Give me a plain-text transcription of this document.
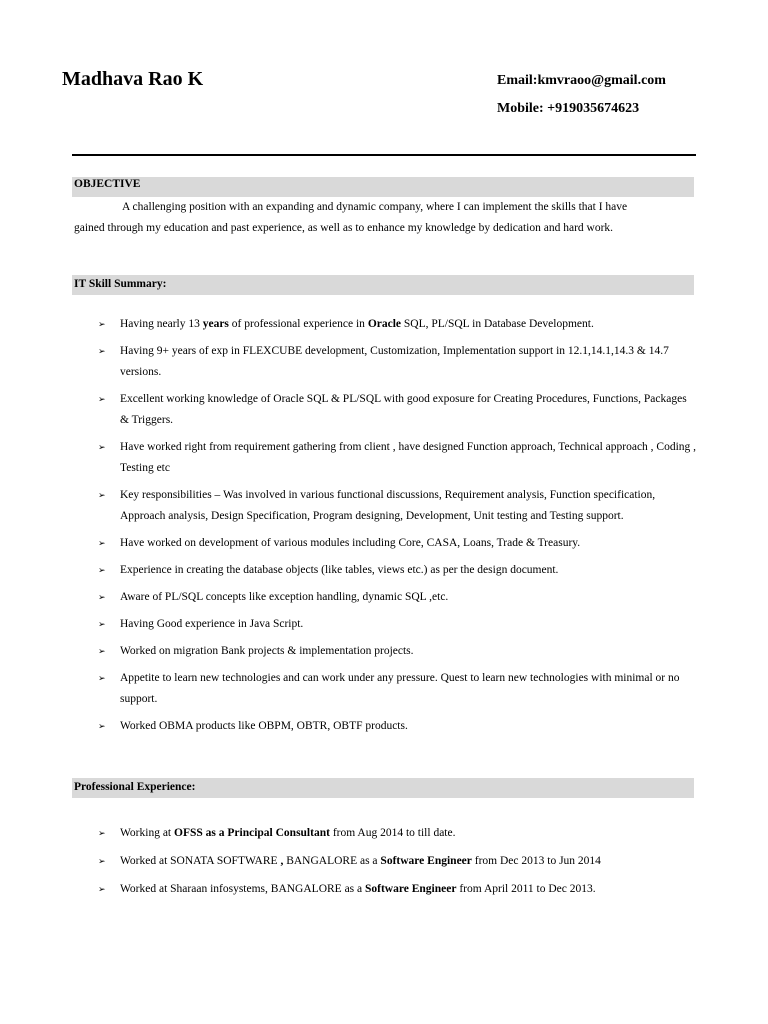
Madhava Rao K	Email:kmvraoo@gmail.com
Mobile: +919035674623
OBJECTIVE
A challenging position with an expanding and dynamic company, where I can implement the skills that I have
gained through my education and past experience, as well as to enhance my knowledge by dedication and hard work.
IT Skill Summary:
➢ Having nearly 13 years of professional experience in Oracle SQL, PL/SQL in Database Development.
➢ Having 9+ years of exp in FLEXCUBE development, Customization, Implementation support in 12.1,14.1,14.3 & 14.7 versions.
➢ Excellent working knowledge of Oracle SQL & PL/SQL with good exposure for Creating Procedures, Functions, Packages & Triggers.
➢ Have worked right from requirement gathering from client , have designed Function approach, Technical approach , Coding , Testing etc
➢ Key responsibilities – Was involved in various functional discussions, Requirement analysis, Function specification, Approach analysis, Design Specification, Program designing, Development, Unit testing and Testing support.
➢ Have worked on development of various modules including Core, CASA, Loans, Trade & Treasury.
➢ Experience in creating the database objects (like tables, views etc.) as per the design document.
➢ Aware of PL/SQL concepts like exception handling, dynamic SQL ,etc.
➢ Having Good experience in Java Script.
➢ Worked on migration Bank projects & implementation projects.
➢ Appetite to learn new technologies and can work under any pressure. Quest to learn new technologies with minimal or no support.
➢ Worked OBMA products like OBPM, OBTR, OBTF products.
Professional Experience:
➢ Working at OFSS as a Principal Consultant from Aug 2014 to till date.
➢ Worked at SONATA SOFTWARE , BANGALORE as a Software Engineer from Dec 2013 to Jun 2014
➢ Worked at Sharaan infosystems, BANGALORE as a Software Engineer from April 2011 to Dec 2013.
